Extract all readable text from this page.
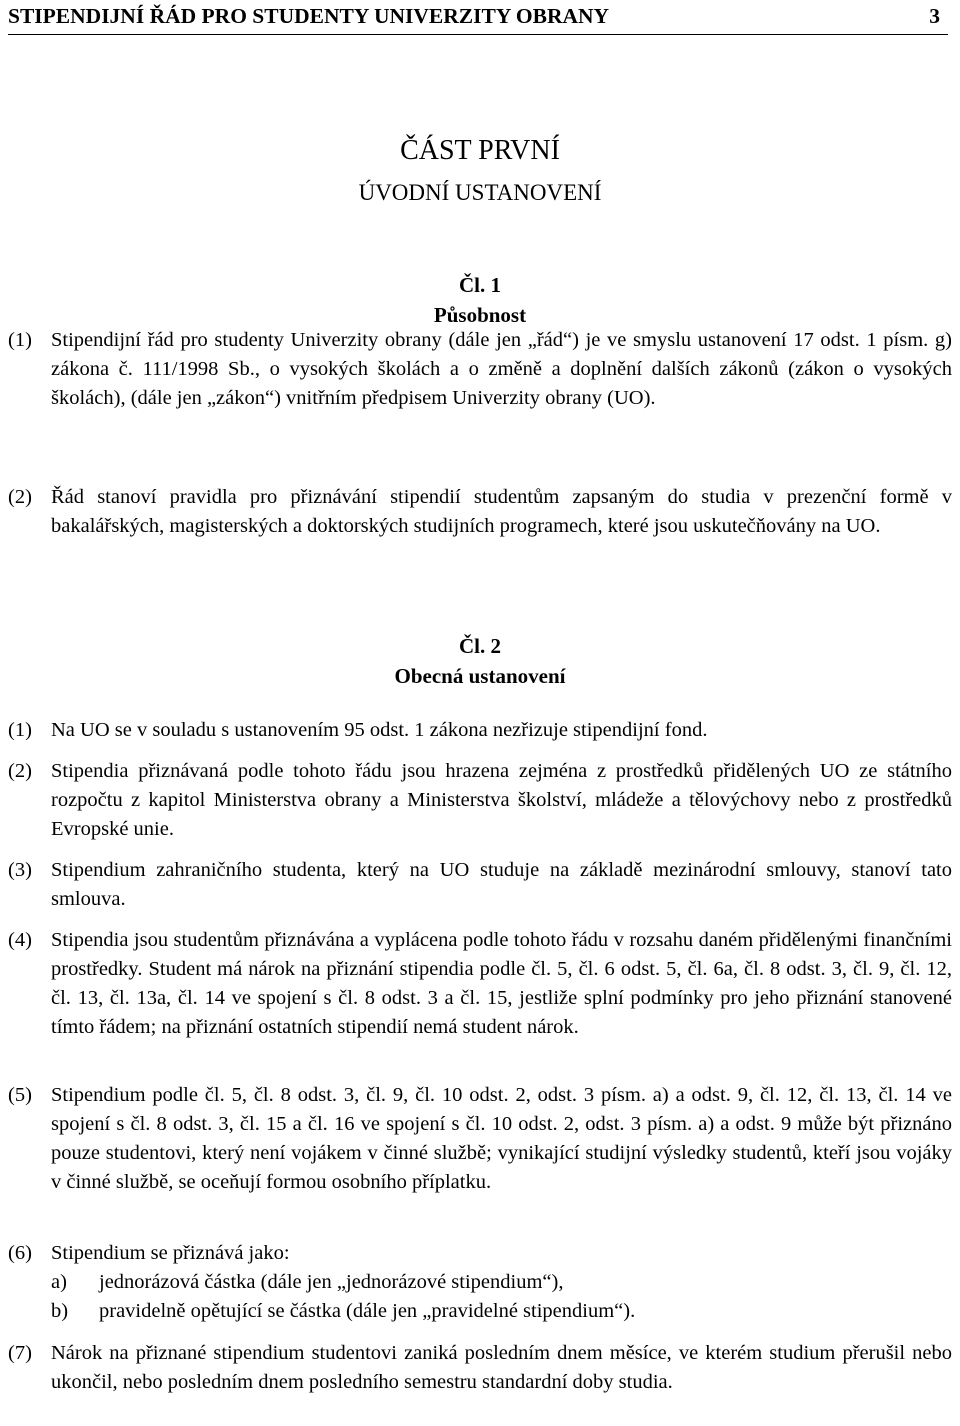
STIPENDIJNÍ ŘÁD PRO STUDENTY UNIVERZITY OBRANY	3
ČÁST PRVNÍ
ÚVODNÍ USTANOVENÍ
Čl. 1
Působnost
(1) Stipendijní řád pro studenty Univerzity obrany (dále jen „řád“) je ve smyslu ustanovení 17 odst. 1 písm. g) zákona č. 111/1998 Sb., o vysokých školách a o změně a doplnění dalších zákonů (zákon o vysokých školách), (dále jen „zákon“) vnitřním předpisem Univerzity obrany (UO).
(2) Řád stanoví pravidla pro přiznávání stipendií studentům zapsaným do studia v prezenční formě v bakalářských, magisterských a doktorských studijních programech, které jsou uskutečňovány na UO.
Čl. 2
Obecná ustanovení
(1) Na UO se v souladu s ustanovením 95 odst. 1 zákona nezřizuje stipendijní fond.
(2) Stipendia přiznávaná podle tohoto řádu jsou hrazena zejména z prostředků přidělených UO ze státního rozpočtu z kapitol Ministerstva obrany a Ministerstva školství, mládeže a tělovýchovy nebo z prostředků Evropské unie.
(3) Stipendium zahraničního studenta, který na UO studuje na základě mezinárodní smlouvy, stanoví tato smlouva.
(4) Stipendia jsou studentům přiznávána a vyplácena podle tohoto řádu v rozsahu daném přidělenými finančními prostředky. Student má nárok na přiznání stipendia podle čl. 5, čl. 6 odst. 5, čl. 6a, čl. 8 odst. 3, čl. 9, čl. 12, čl. 13, čl. 13a, čl. 14 ve spojení s čl. 8 odst. 3 a čl. 15, jestliže splní podmínky pro jeho přiznání stanovené tímto řádem; na přiznání ostatních stipendií nemá student nárok.
(5) Stipendium podle čl. 5, čl. 8 odst. 3, čl. 9, čl. 10 odst. 2, odst. 3 písm. a) a odst. 9, čl. 12, čl. 13, čl. 14 ve spojení s čl. 8 odst. 3, čl. 15 a čl. 16 ve spojení s čl. 10 odst. 2, odst. 3 písm. a) a odst. 9 může být přiznáno pouze studentovi, který není vojákem v činné službě; vynikající studijní výsledky studentů, kteří jsou vojáky v činné službě, se oceňují formou osobního příplatku.
(6) Stipendium se přiznává jako:
a) jednorázová částka (dále jen „jednorázové stipendium“),
b) pravidelně opětující se částka (dále jen „pravidelné stipendium“).
(7) Nárok na přiznané stipendium studentovi zaniká posledním dnem měsíce, ve kterém studium přerušil nebo ukončil, nebo posledním dnem posledního semestru standardní doby studia.
